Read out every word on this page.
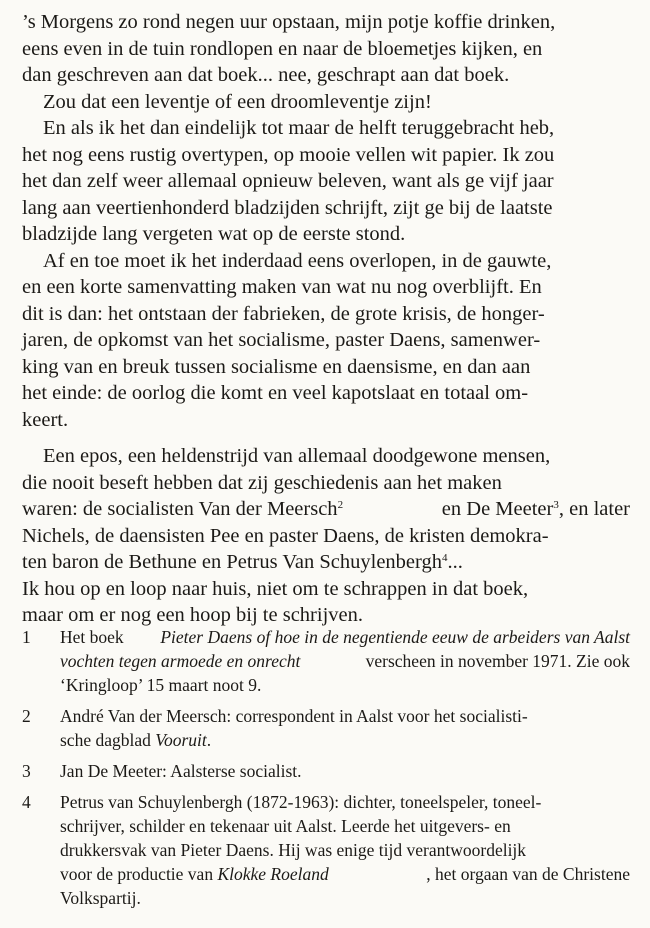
’s Morgens zo rond negen uur opstaan, mijn potje koffie drinken,
eens even in de tuin rondlopen en naar de bloemetjes kijken, en
dan geschreven aan dat boek... nee, geschrapt aan dat boek.
Zou dat een leventje of een droomleventje zijn!
En als ik het dan eindelijk tot maar de helft teruggebracht heb,
het nog eens rustig overtypen, op mooie vellen wit papier. Ik zou
het dan zelf weer allemaal opnieuw beleven, want als ge vijf jaar
lang aan veertienhonderd bladzijden schrijft, zijt ge bij de laatste
bladzijde lang vergeten wat op de eerste stond.
Af en toe moet ik het inderdaad eens overlopen, in de gauwte,
en een korte samenvatting maken van wat nu nog overblijft. En
dit is dan: het ontstaan der fabrieken, de grote krisis, de honger-
jaren, de opkomst van het socialisme, paster Daens, samenwer-
king van en breuk tussen socialisme en daensisme, en dan aan
het einde: de oorlog die komt en veel kapotslaat en totaal om-
keert.
Een epos, een heldenstrijd van allemaal doodgewone mensen,
die nooit beseft hebben dat zij geschiedenis aan het maken
waren: de socialisten Van der Meersch$^2$	en De Meeter$^3$, en later
Nichels, de daensisten Pee en paster Daens, de kristen demokra-
ten baron de Bethune en Petrus Van Schuylenbergh$^4$...
Ik hou op en loop naar huis, niet om te schrappen in dat boek,
maar om er nog een hoop bij te schrijven.
1	Het boek Pieter Daens of hoe in de negentiende eeuw de arbeiders van Aalst
vochten tegen armoede en onrecht	verscheen in november 1971. Zie ook
‘Kringloop’ 15 maart noot 9.
2	André Van der Meersch: correspondent in Aalst voor het socialisti-
sche dagblad Vooruit.
3	Jan De Meeter: Aalsterse socialist.
4	Petrus van Schuylenbergh (1872-1963): dichter, toneelspeler, toneel-
schrijver, schilder en tekenaar uit Aalst. Leerde het uitgevers- en
drukkersvak van Pieter Daens. Hij was enige tijd verantwoordelijk
voor de productie van Klokke Roeland	, het orgaan van de Christene
Volkspartij.
